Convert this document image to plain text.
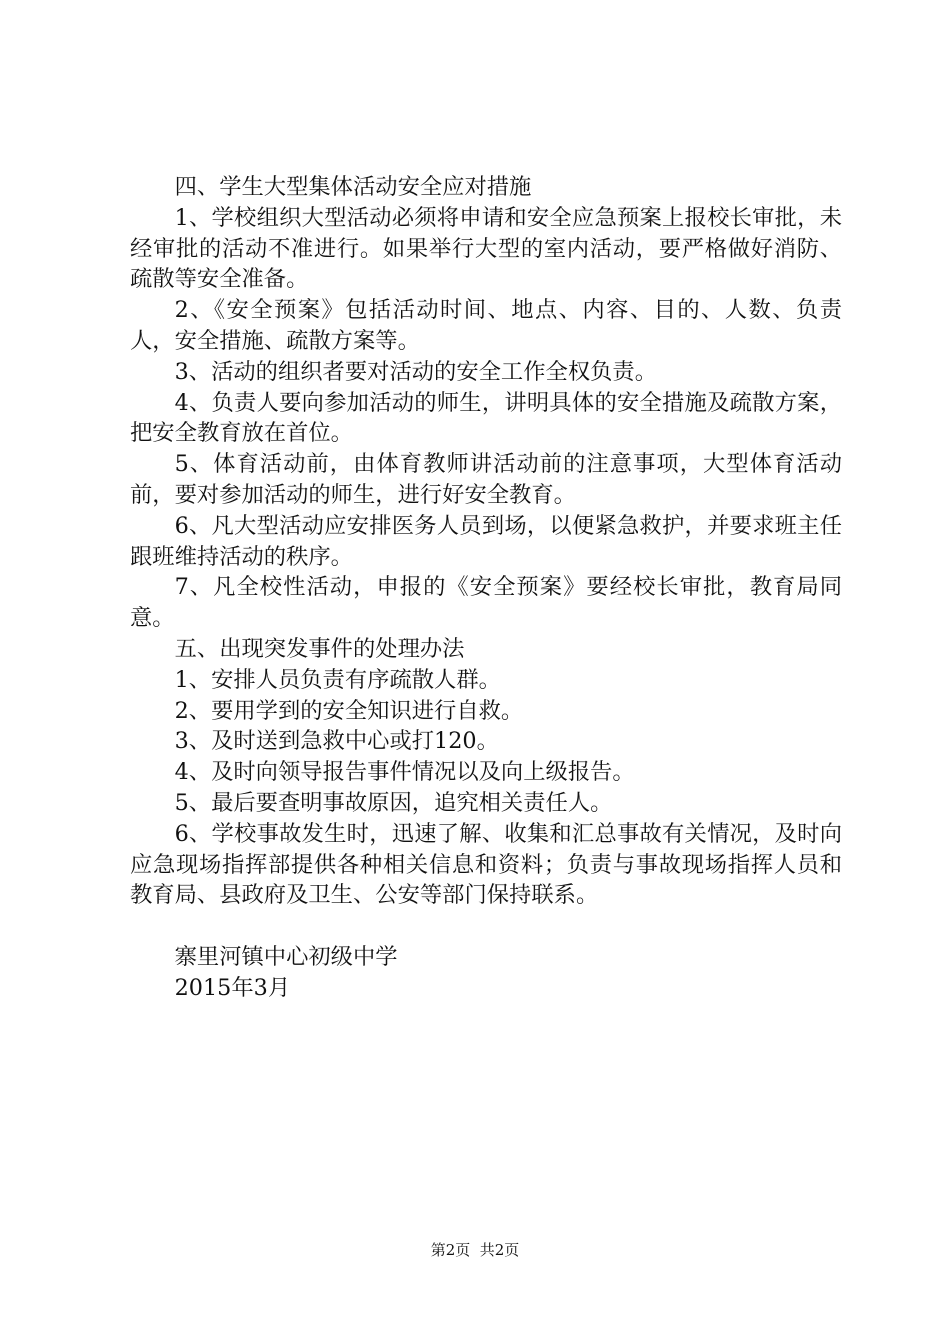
四、学生大型集体活动安全应对措施

1、学校组织大型活动必须将申请和安全应急预案上报校长审批，未经审批的活动不准进行。如果举行大型的室内活动，要严格做好消防、疏散等安全准备。

2、《安全预案》包括活动时间、地点、内容、目的、人数、负责人，安全措施、疏散方案等。

3、活动的组织者要对活动的安全工作全权负责。

4、负责人要向参加活动的师生，讲明具体的安全措施及疏散方案，把安全教育放在首位。

5、体育活动前，由体育教师讲活动前的注意事项，大型体育活动前，要对参加活动的师生，进行好安全教育。

6、凡大型活动应安排医务人员到场，以便紧急救护，并要求班主任跟班维持活动的秩序。

7、凡全校性活动，申报的《安全预案》要经校长审批，教育局同意。

五、出现突发事件的处理办法

1、安排人员负责有序疏散人群。

2、要用学到的安全知识进行自救。

3、及时送到急救中心或打120。

4、及时向领导报告事件情况以及向上级报告。

5、最后要查明事故原因，追究相关责任人。

6、学校事故发生时，迅速了解、收集和汇总事故有关情况，及时向应急现场指挥部提供各种相关信息和资料；负责与事故现场指挥人员和教育局、县政府及卫生、公安等部门保持联系。

寨里河镇中心初级中学

2015年3月

第2页  共2页
